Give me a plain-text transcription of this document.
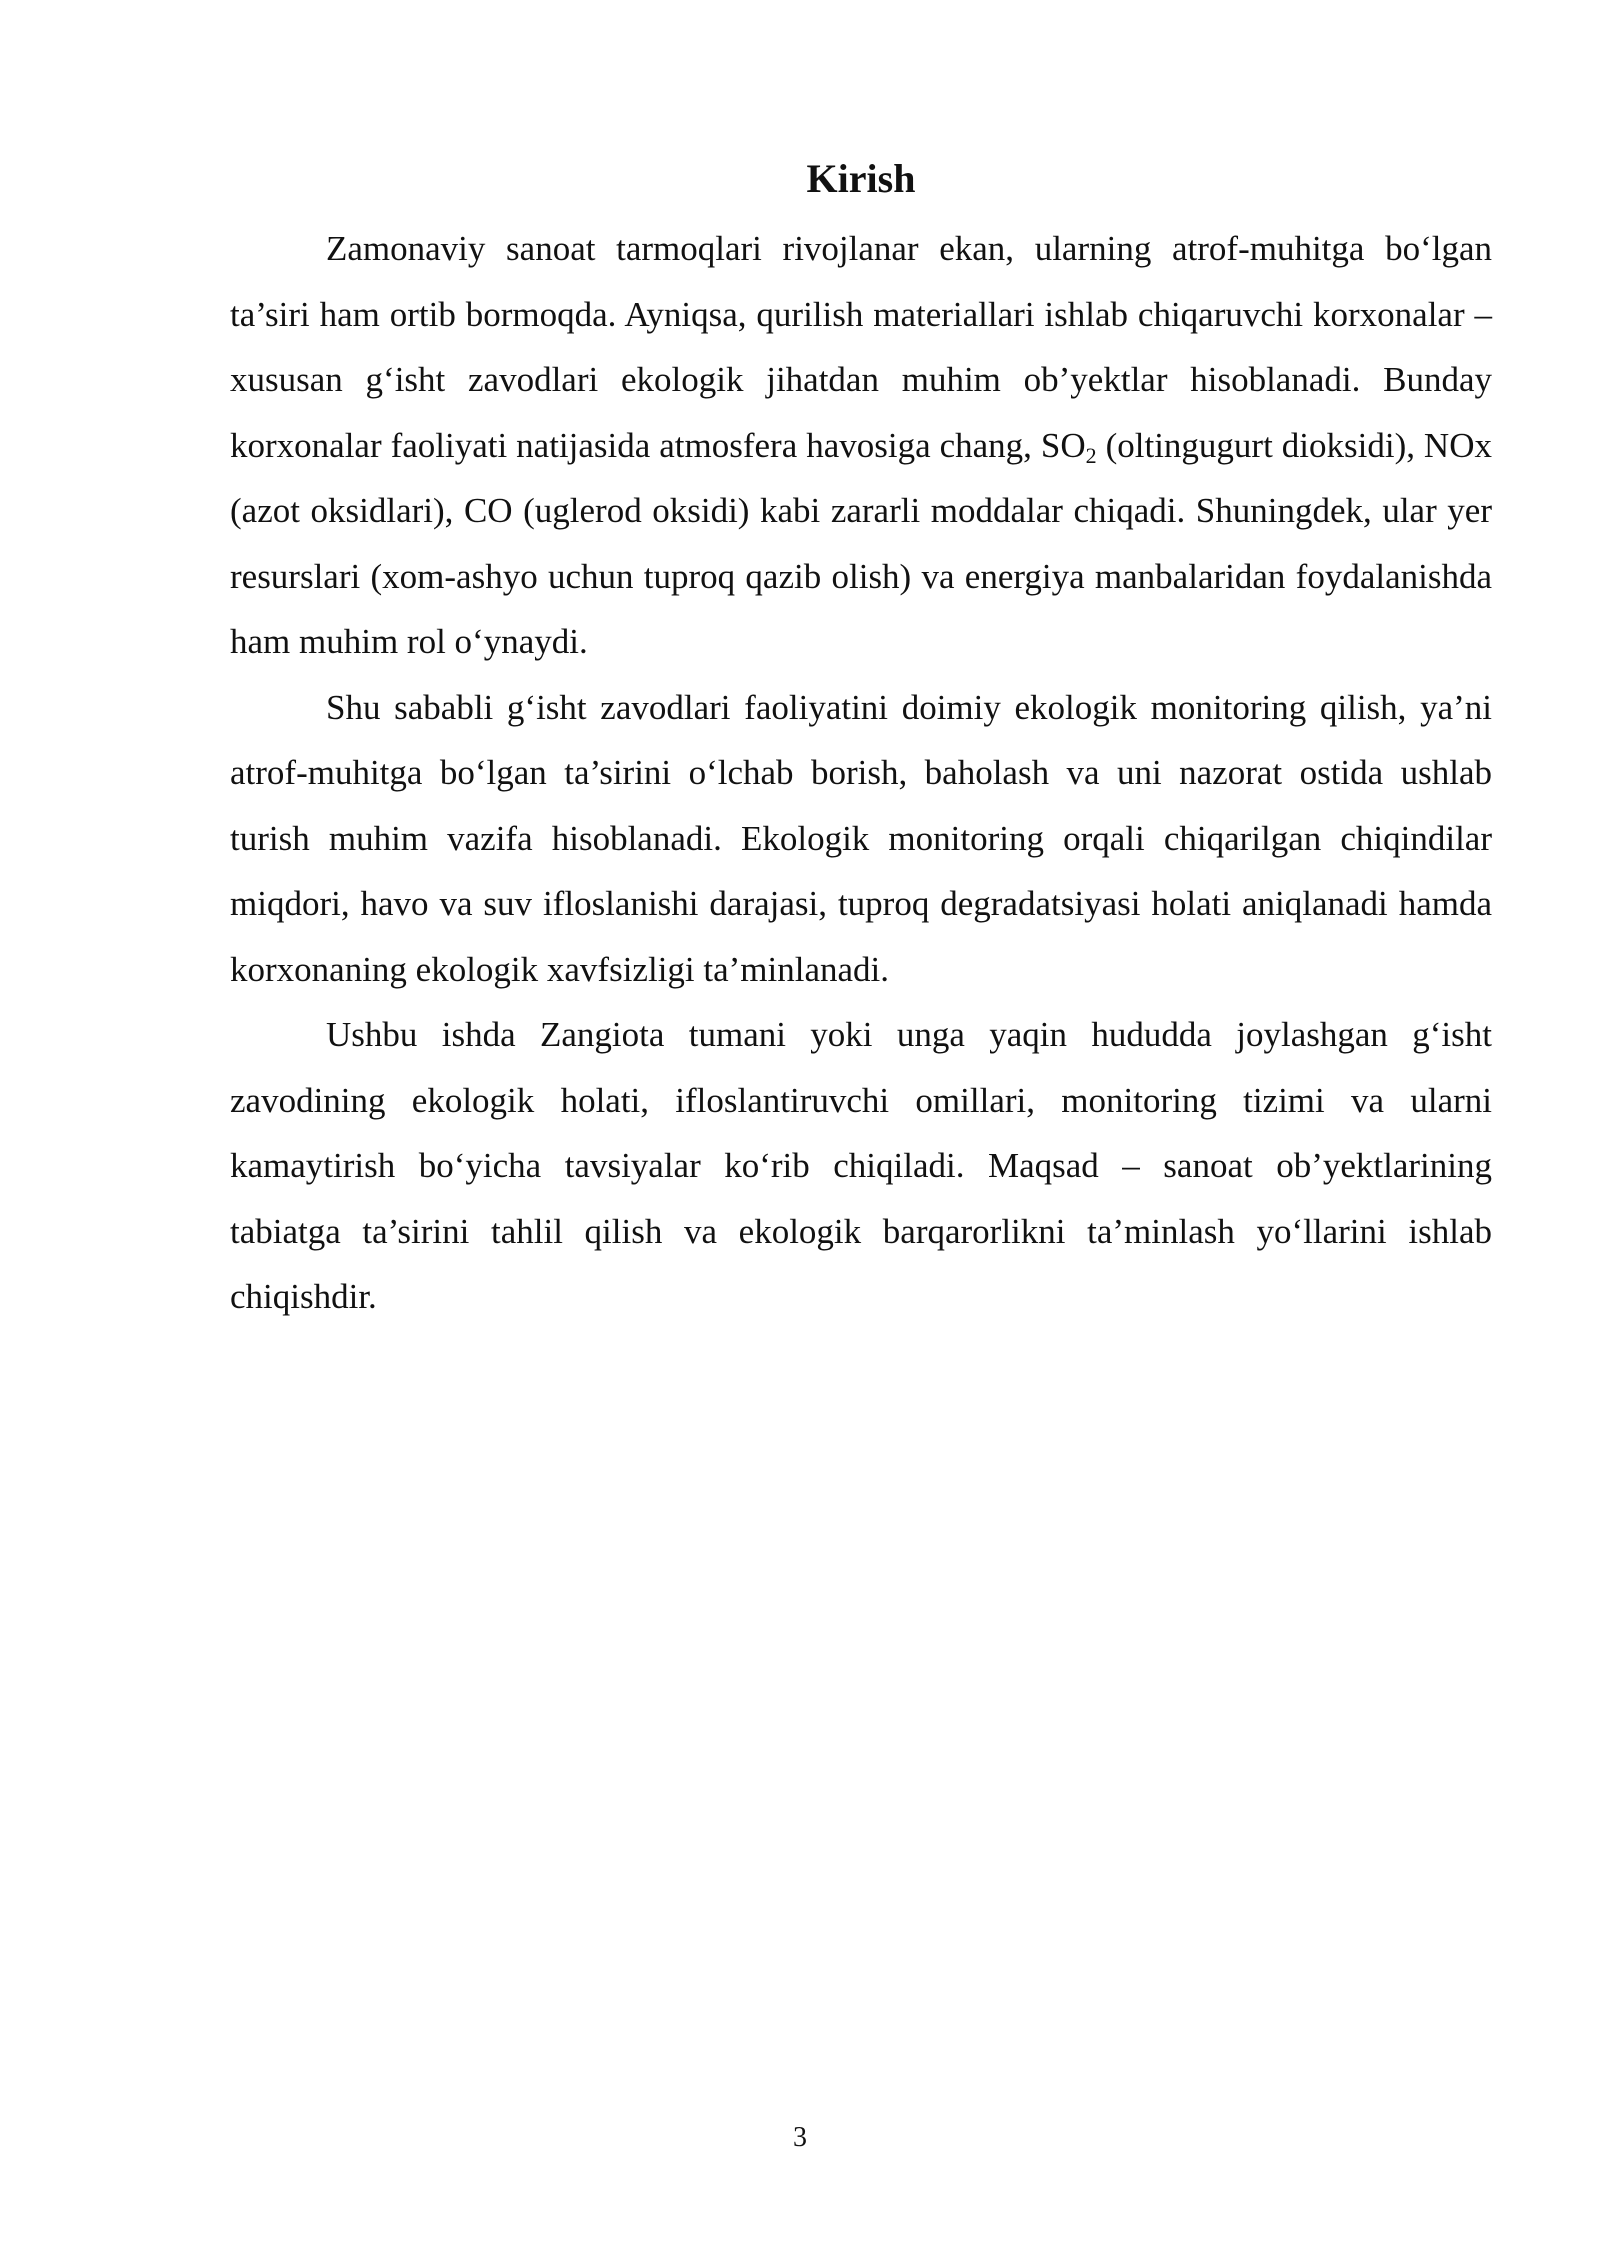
Kirish

Zamonaviy sanoat tarmoqlari rivojlanar ekan, ularning atrof-muhitga bo‘lgan ta’siri ham ortib bormoqda. Ayniqsa, qurilish materiallari ishlab chiqaruvchi korxonalar – xususan g‘isht zavodlari ekologik jihatdan muhim ob’yektlar hisoblanadi. Bunday korxonalar faoliyati natijasida atmosfera havosiga chang, $SO_2$ (oltingugurt dioksidi), NOx (azot oksidlari), CO (uglerod oksidi) kabi zararli moddalar chiqadi. Shuningdek, ular yer resurslari (xom-ashyo uchun tuproq qazib olish) va energiya manbalaridan foydalanishda ham muhim rol o‘ynaydi.

Shu sababli g‘isht zavodlari faoliyatini doimiy ekologik monitoring qilish, ya’ni atrof-muhitga bo‘lgan ta’sirini o‘lchab borish, baholash va uni nazorat ostida ushlab turish muhim vazifa hisoblanadi. Ekologik monitoring orqali chiqarilgan chiqindilar miqdori, havo va suv ifloslanishi darajasi, tuproq degradatsiyasi holati aniqlanadi hamda korxonaning ekologik xavfsizligi ta’minlanadi.

Ushbu ishda Zangiota tumani yoki unga yaqin hududda joylashgan g‘isht zavodining ekologik holati, ifloslantiruvchi omillari, monitoring tizimi va ularni kamaytirish bo‘yicha tavsiyalar ko‘rib chiqiladi. Maqsad – sanoat ob’yektlarining tabiatga ta’sirini tahlil qilish va ekologik barqarorlikni ta’minlash yo‘llarini ishlab chiqishdir.

3
